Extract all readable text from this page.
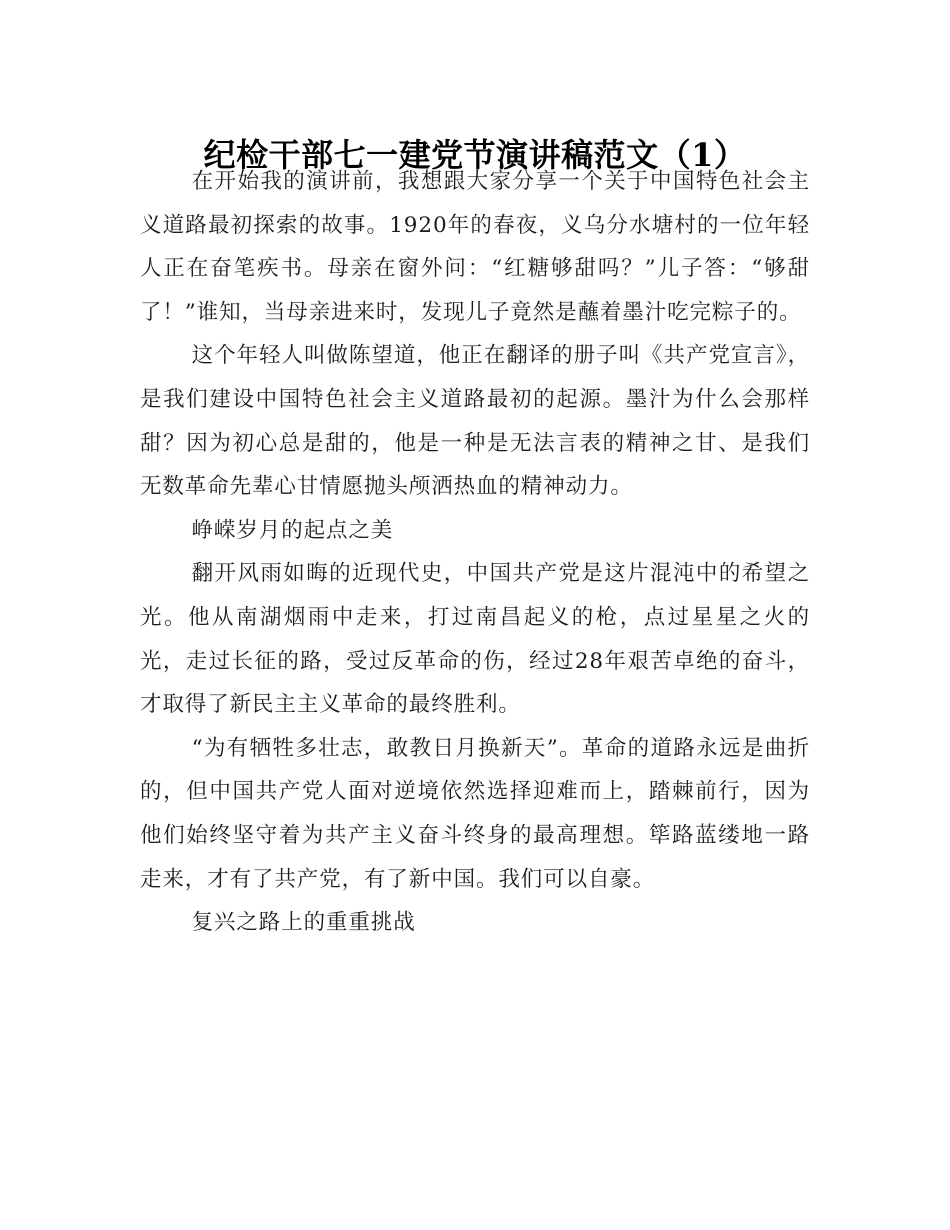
纪检干部七一建党节演讲稿范文（1）

在开始我的演讲前，我想跟大家分享一个关于中国特色社会主义道路最初探索的故事。1920年的春夜，义乌分水塘村的一位年轻人正在奋笔疾书。母亲在窗外问：“红糖够甜吗？”儿子答：“够甜了！”谁知，当母亲进来时，发现儿子竟然是蘸着墨汁吃完粽子的。

这个年轻人叫做陈望道，他正在翻译的册子叫《共产党宣言》，是我们建设中国特色社会主义道路最初的起源。墨汁为什么会那样甜？因为初心总是甜的，他是一种是无法言表的精神之甘、是我们无数革命先辈心甘情愿抛头颅洒热血的精神动力。

峥嵘岁月的起点之美

翻开风雨如晦的近现代史，中国共产党是这片混沌中的希望之光。他从南湖烟雨中走来，打过南昌起义的枪，点过星星之火的光，走过长征的路，受过反革命的伤，经过28年艰苦卓绝的奋斗，才取得了新民主主义革命的最终胜利。

“为有牺牲多壮志，敢教日月换新天”。革命的道路永远是曲折的，但中国共产党人面对逆境依然选择迎难而上，踏棘前行，因为他们始终坚守着为共产主义奋斗终身的最高理想。筚路蓝缕地一路走来，才有了共产党，有了新中国。我们可以自豪。

复兴之路上的重重挑战
